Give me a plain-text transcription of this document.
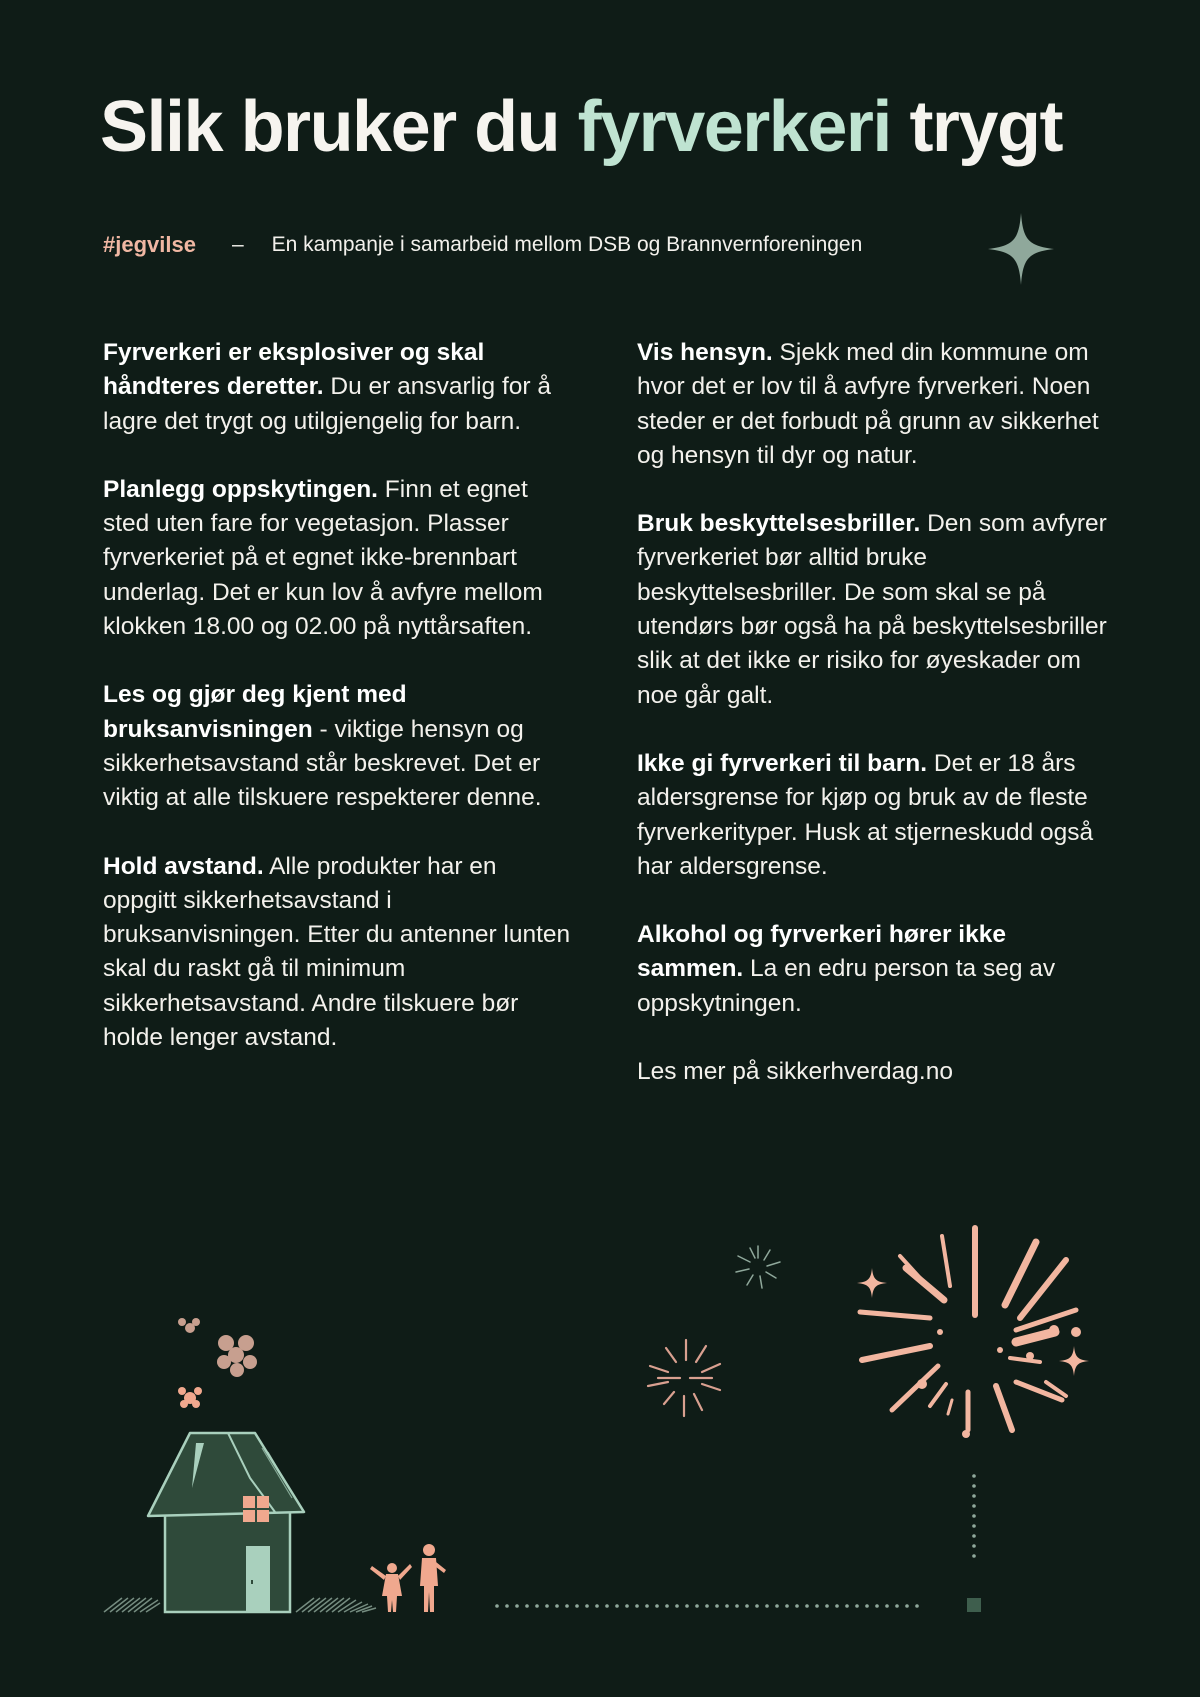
Slik bruker du fyrverkeri trygt
#jegvilse – En kampanje i samarbeid mellom DSB og Brannvernforeningen

Fyrverkeri er eksplosiver og skal håndteres deretter. Du er ansvarlig for å lagre det trygt og utilgjengelig for barn.

Planlegg oppskytingen. Finn et egnet sted uten fare for vegetasjon. Plasser fyrverkeriet på et egnet ikke-brennbart underlag. Det er kun lov å avfyre mellom klokken 18.00 og 02.00 på nyttårsaften.

Les og gjør deg kjent med bruksanvisningen - viktige hensyn og sikkerhetsavstand står beskrevet. Det er viktig at alle tilskuere respekterer denne.

Hold avstand. Alle produkter har en oppgitt sikkerhetsavstand i bruksanvisningen. Etter du antenner lunten skal du raskt gå til minimum sikkerhetsavstand. Andre tilskuere bør holde lenger avstand.

Vis hensyn. Sjekk med din kommune om hvor det er lov til å avfyre fyrverkeri. Noen steder er det forbudt på grunn av sikkerhet og hensyn til dyr og natur.

Bruk beskyttelsesbriller. Den som avfyrer fyrverkeriet bør alltid bruke beskyttelsesbriller. De som skal se på utendørs bør også ha på beskyttelsesbriller slik at det ikke er risiko for øyeskader om noe går galt.

Ikke gi fyrverkeri til barn. Det er 18 års aldersgrense for kjøp og bruk av de fleste fyrverkerityper. Husk at stjerneskudd også har aldersgrense.

Alkohol og fyrverkeri hører ikke sammen. La en edru person ta seg av oppskytningen.

Les mer på sikkerhverdag.no
